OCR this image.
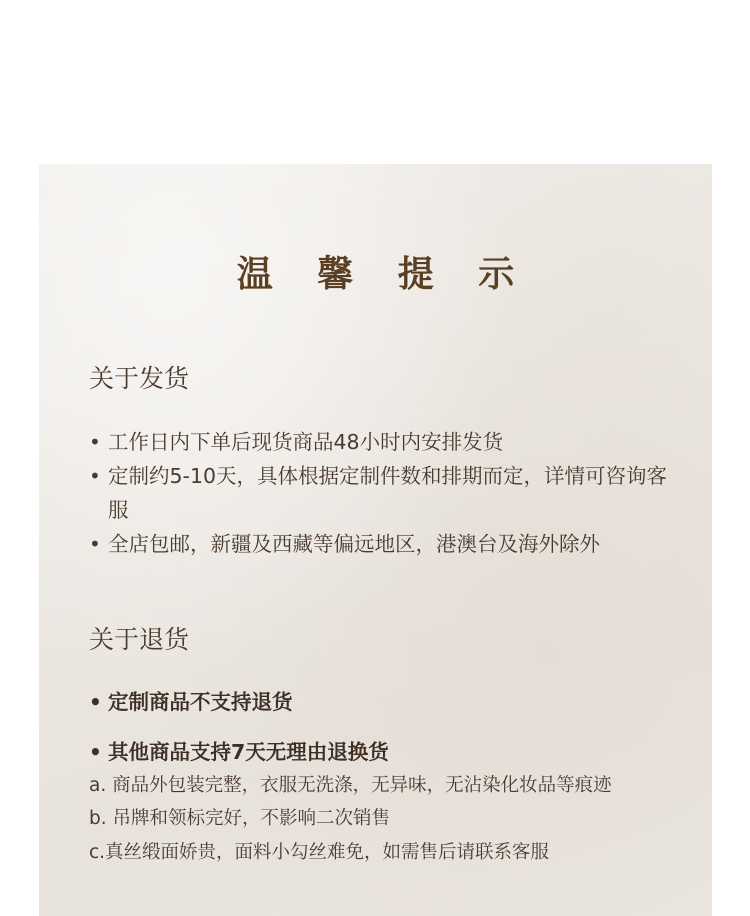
温 馨 提 示
关于发货
• 工作日内下单后现货商品48小时内安排发货
• 定制约5-10天，具体根据定制件数和排期而定，详情可咨询客服
• 全店包邮，新疆及西藏等偏远地区，港澳台及海外除外
关于退货
• 定制商品不支持退货
• 其他商品支持7天无理由退换货
a. 商品外包装完整，衣服无洗涤，无异味，无沾染化妆品等痕迹
b. 吊牌和领标完好，不影响二次销售
c.真丝缎面娇贵，面料小勾丝难免，如需售后请联系客服
